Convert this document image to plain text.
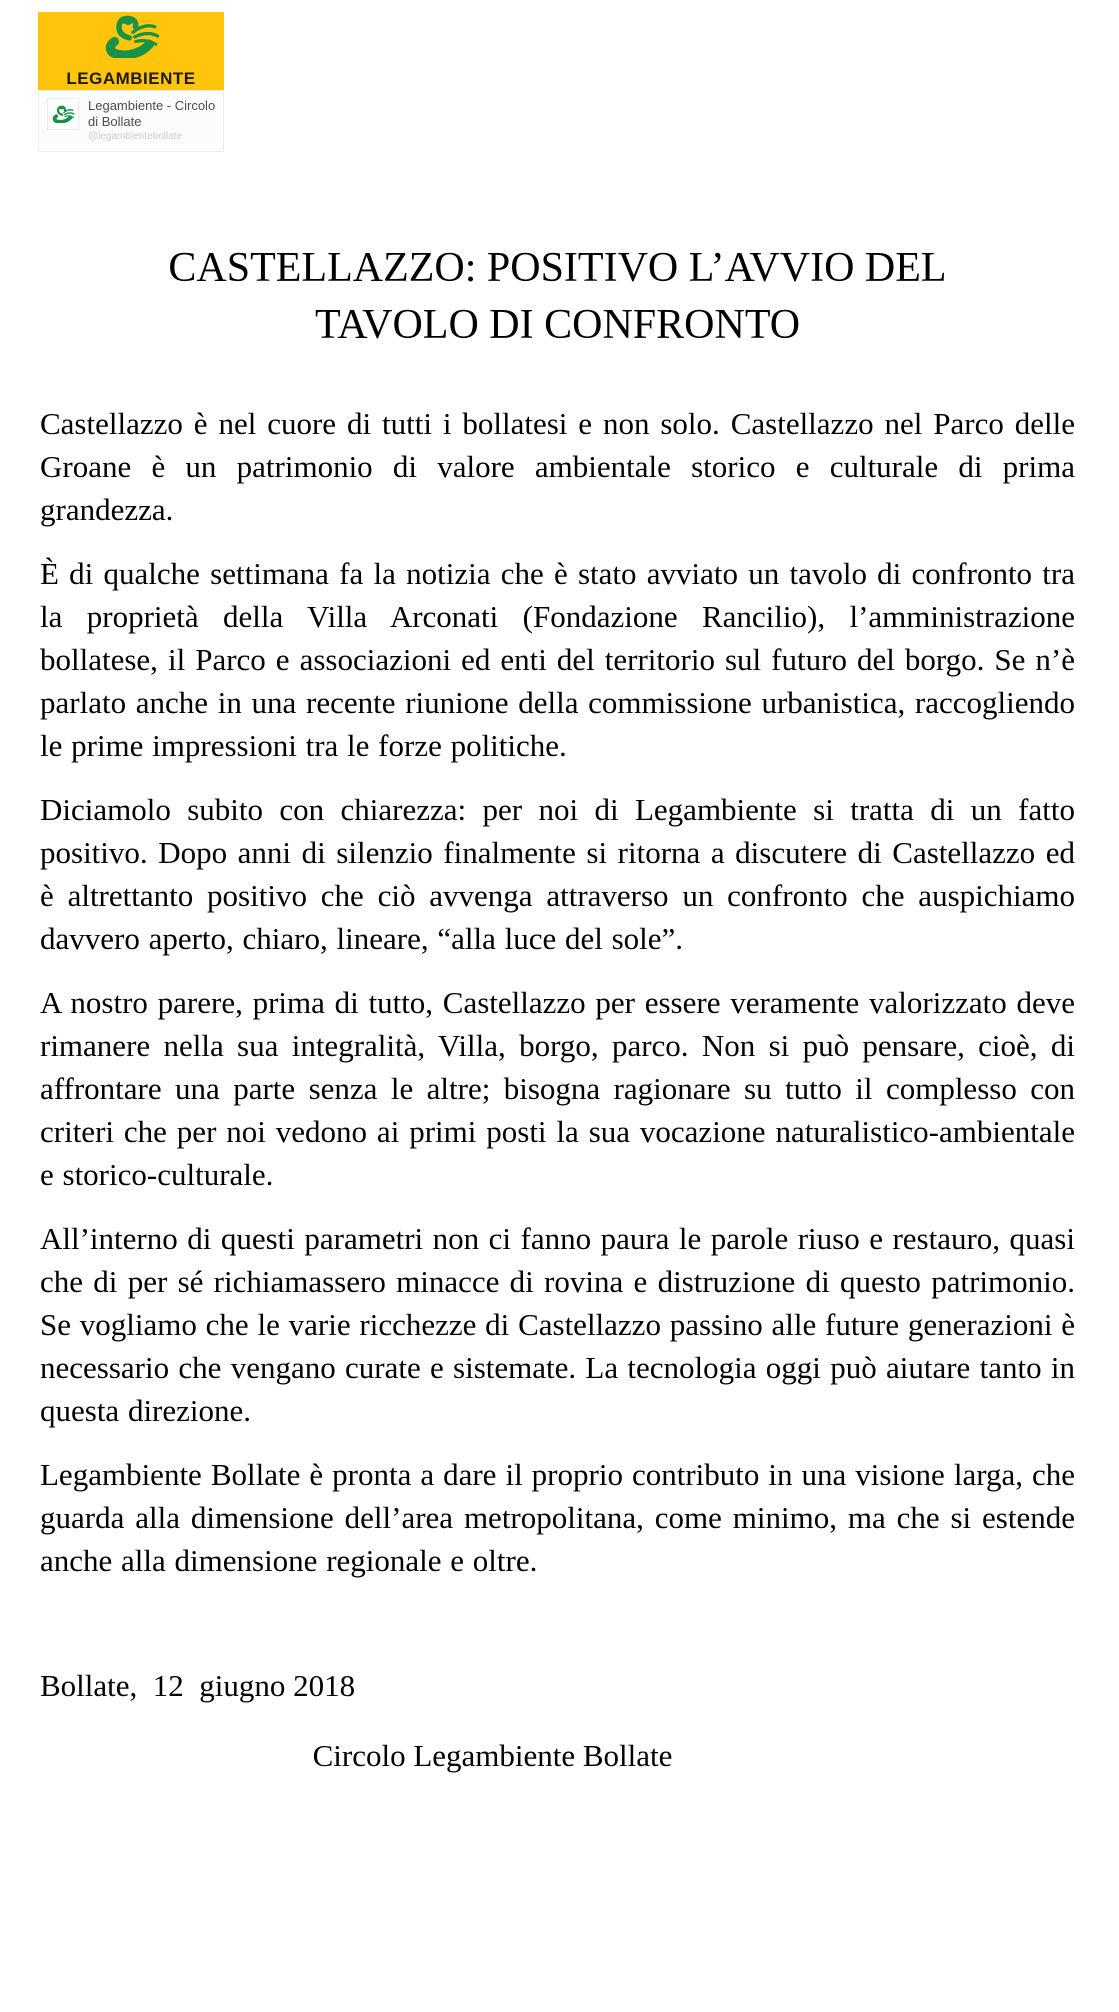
LEGAMBIENTE
Legambiente - Circolo di Bollate
@legambientebollate
CASTELLAZZO: POSITIVO L’AVVIO DEL
TAVOLO DI CONFRONTO

Castellazzo è nel cuore di tutti i bollatesi e non solo. Castellazzo nel Parco delle Groane è un patrimonio di valore ambientale storico e culturale di prima grandezza.

È di qualche settimana fa la notizia che è stato avviato un tavolo di confronto tra la proprietà della Villa Arconati (Fondazione Rancilio), l’amministrazione bollatese, il Parco e associazioni ed enti del territorio sul futuro del borgo. Se n’è parlato anche in una recente riunione della commissione urbanistica, raccogliendo le prime impressioni tra le forze politiche.

Diciamolo subito con chiarezza: per noi di Legambiente si tratta di un fatto positivo. Dopo anni di silenzio finalmente si ritorna a discutere di Castellazzo ed è altrettanto positivo che ciò avvenga attraverso un confronto che auspichiamo davvero aperto, chiaro, lineare, “alla luce del sole”.

A nostro parere, prima di tutto, Castellazzo per essere veramente valorizzato deve rimanere nella sua integralità, Villa, borgo, parco. Non si può pensare, cioè, di affrontare una parte senza le altre; bisogna ragionare su tutto il complesso con criteri che per noi vedono ai primi posti la sua vocazione naturalistico-ambientale e storico-culturale.

All’interno di questi parametri non ci fanno paura le parole riuso e restauro, quasi che di per sé richiamassero minacce di rovina e distruzione di questo patrimonio. Se vogliamo che le varie ricchezze di Castellazzo passino alle future generazioni è necessario che vengano curate e sistemate. La tecnologia oggi può aiutare tanto in questa direzione.

Legambiente Bollate è pronta a dare il proprio contributo in una visione larga, che guarda alla dimensione dell’area metropolitana, come minimo, ma che si estende anche alla dimensione regionale e oltre.

Bollate,  12  giugno 2018

Circolo Legambiente Bollate
